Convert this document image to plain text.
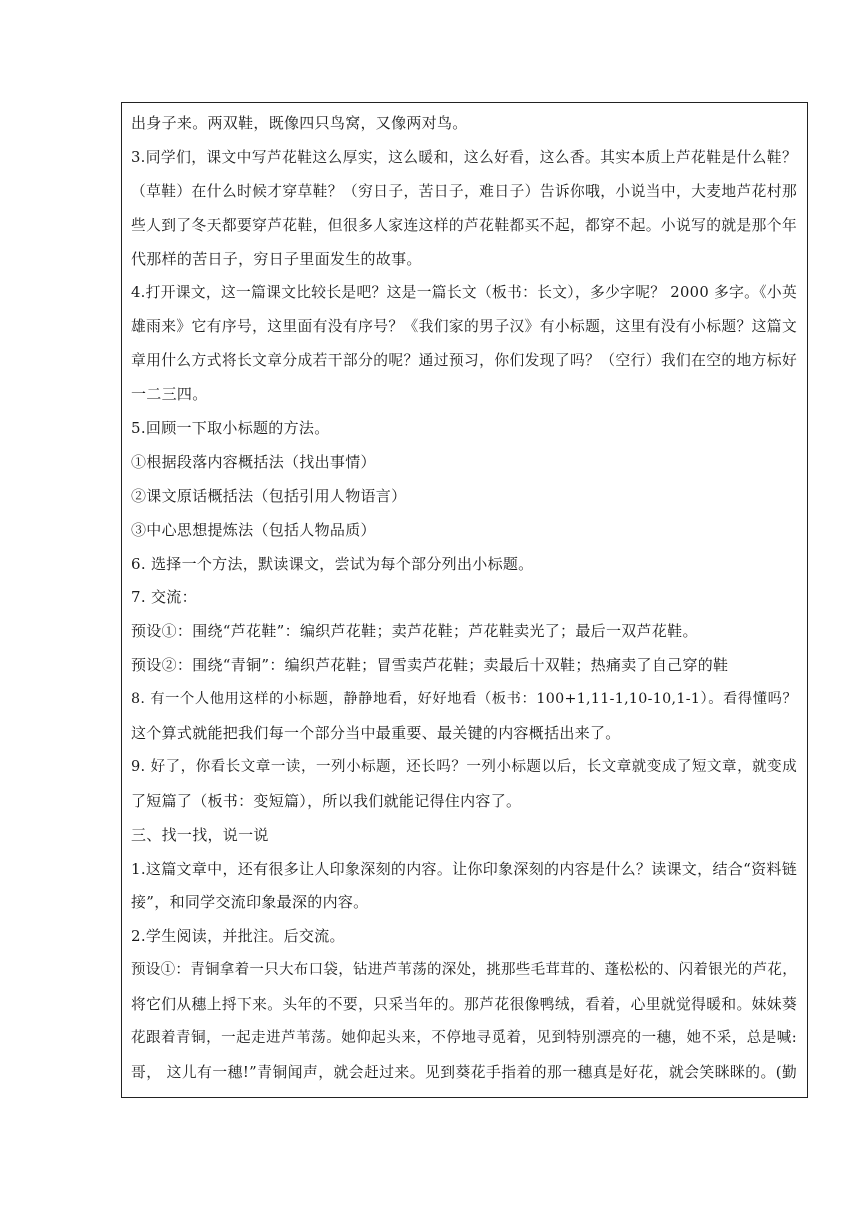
出身子来。两双鞋，既像四只鸟窝，又像两对鸟。
3.同学们，课文中写芦花鞋这么厚实，这么暖和，这么好看，这么香。其实本质上芦花鞋是什么鞋？
（草鞋）在什么时候才穿草鞋？（穷日子，苦日子，难日子）告诉你哦，小说当中，大麦地芦花村那
些人到了冬天都要穿芦花鞋，但很多人家连这样的芦花鞋都买不起，都穿不起。小说写的就是那个年
代那样的苦日子，穷日子里面发生的故事。
4.打开课文，这一篇课文比较长是吧？这是一篇长文（板书：长文），多少字呢？ 2000 多字。《小英
雄雨来》它有序号，这里面有没有序号？《我们家的男子汉》有小标题，这里有没有小标题？这篇文
章用什么方式将长文章分成若干部分的呢？通过预习，你们发现了吗？（空行）我们在空的地方标好
一二三四。
5.回顾一下取小标题的方法。
①根据段落内容概括法（找出事情）
②课文原话概括法（包括引用人物语言）
③中心思想提炼法（包括人物品质）
6. 选择一个方法，默读课文，尝试为每个部分列出小标题。
7. 交流：
预设①：围绕“芦花鞋”：编织芦花鞋；卖芦花鞋；芦花鞋卖光了；最后一双芦花鞋。
预设②：围绕“青铜”：编织芦花鞋；冒雪卖芦花鞋；卖最后十双鞋；热痛卖了自己穿的鞋
8. 有一个人他用这样的小标题，静静地看，好好地看（板书：100+1,11-1,10-10,1-1）。看得懂吗？
这个算式就能把我们每一个部分当中最重要、最关键的内容概括出来了。
9. 好了，你看长文章一读，一列小标题，还长吗？一列小标题以后，长文章就变成了短文章，就变成
了短篇了（板书：变短篇），所以我们就能记得住内容了。
三、找一找，说一说
1.这篇文章中，还有很多让人印象深刻的内容。让你印象深刻的内容是什么？读课文，结合“资料链
接”，和同学交流印象最深的内容。
2.学生阅读，并批注。后交流。
预设①：青铜拿着一只大布口袋，钻进芦苇荡的深处，挑那些毛茸茸的、蓬松松的、闪着银光的芦花，
将它们从穗上捋下来。头年的不要，只采当年的。那芦花很像鸭绒，看着，心里就觉得暖和。妹妹葵
花跟着青铜，一起走进芦苇荡。她仰起头来，不停地寻觅着，见到特别漂亮的一穗，她不采，总是喊:
哥， 这儿有一穗!”青铜闻声，就会赶过来。见到葵花手指着的那一穗真是好花，就会笑眯眯的。(勤
